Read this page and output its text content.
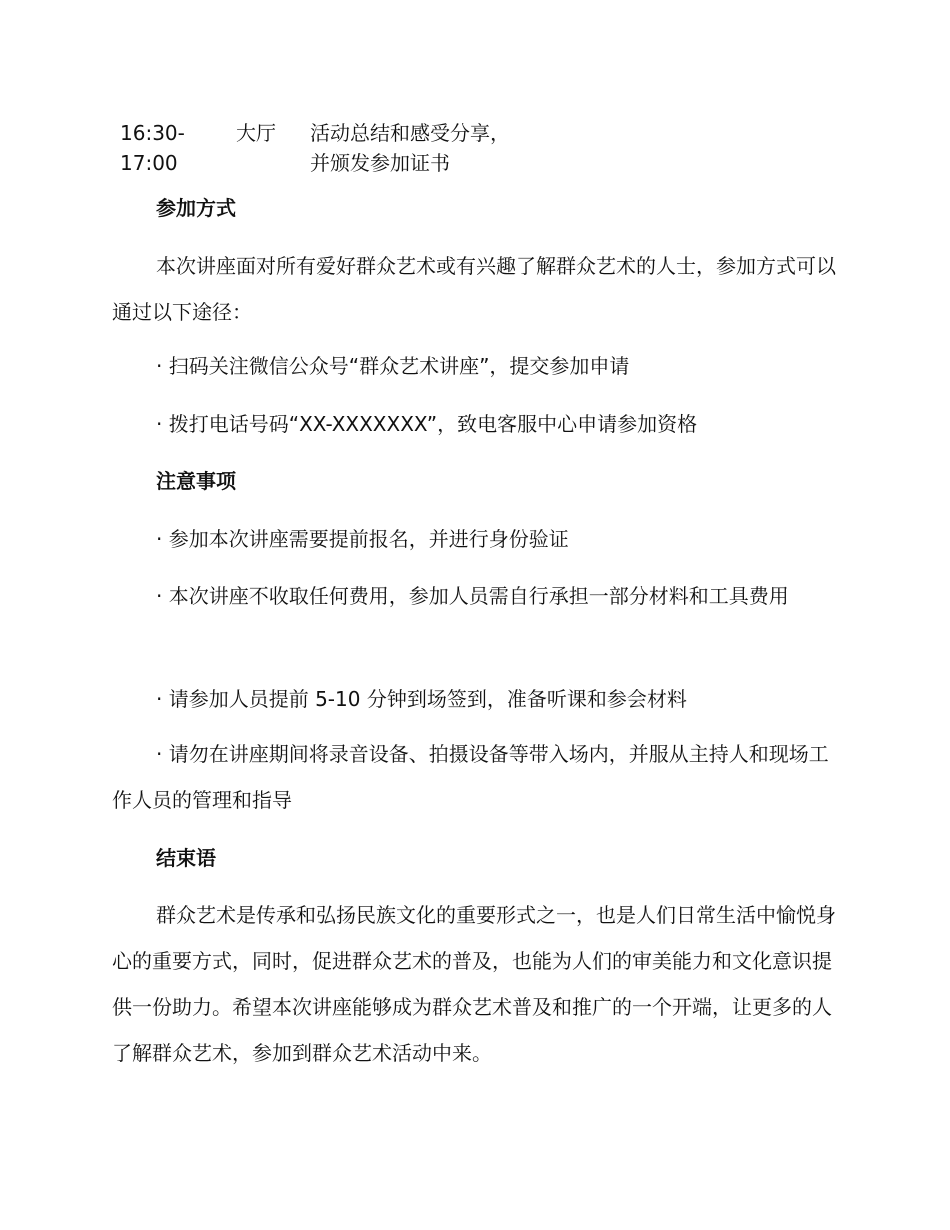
16:30-17:00
大厅	活动总结和感受分享，并颁发参加证书
参加方式
本次讲座面对所有爱好群众艺术或有兴趣了解群众艺术的人士，参加方式可以通过以下途径：
· 扫码关注微信公众号“群众艺术讲座”，提交参加申请
· 拨打电话号码“XX-XXXXXXX”，致电客服中心申请参加资格
注意事项
· 参加本次讲座需要提前报名，并进行身份验证
· 本次讲座不收取任何费用，参加人员需自行承担一部分材料和工具费用
· 请参加人员提前 5-10 分钟到场签到，准备听课和参会材料
· 请勿在讲座期间将录音设备、拍摄设备等带入场内，并服从主持人和现场工作人员的管理和指导
结束语
群众艺术是传承和弘扬民族文化的重要形式之一，也是人们日常生活中愉悦身心的重要方式，同时，促进群众艺术的普及，也能为人们的审美能力和文化意识提供一份助力。希望本次讲座能够成为群众艺术普及和推广的一个开端，让更多的人了解群众艺术，参加到群众艺术活动中来。
